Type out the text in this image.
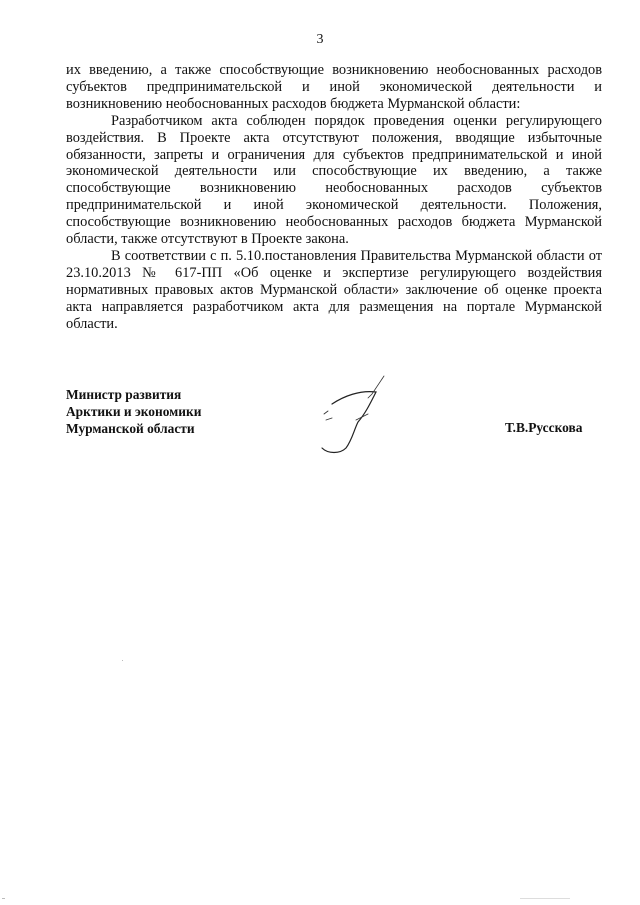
3

их введению, а также способствующие возникновению необоснованных расходов субъектов предпринимательской и иной экономической деятельности и возникновению необоснованных расходов бюджета Мурманской области:

Разработчиком акта соблюден порядок проведения оценки регулирующего воздействия. В Проекте акта отсутствуют положения, вводящие избыточные обязанности, запреты и ограничения для субъектов предпринимательской и иной экономической деятельности или способствующие их введению, а также способствующие возникновению необоснованных расходов субъектов предпринимательской и иной экономической деятельности. Положения, способствующие возникновению необоснованных расходов бюджета Мурманской области, также отсутствуют в Проекте закона.

В соответствии с п. 5.10.постановления Правительства Мурманской области от 23.10.2013 № 617-ПП «Об оценке и экспертизе регулирующего воздействия нормативных правовых актов Мурманской области» заключение об оценке проекта акта направляется разработчиком акта для размещения на портале Мурманской области.

Министр развития
Арктики и экономики
Мурманской области	Т.В.Русскова
